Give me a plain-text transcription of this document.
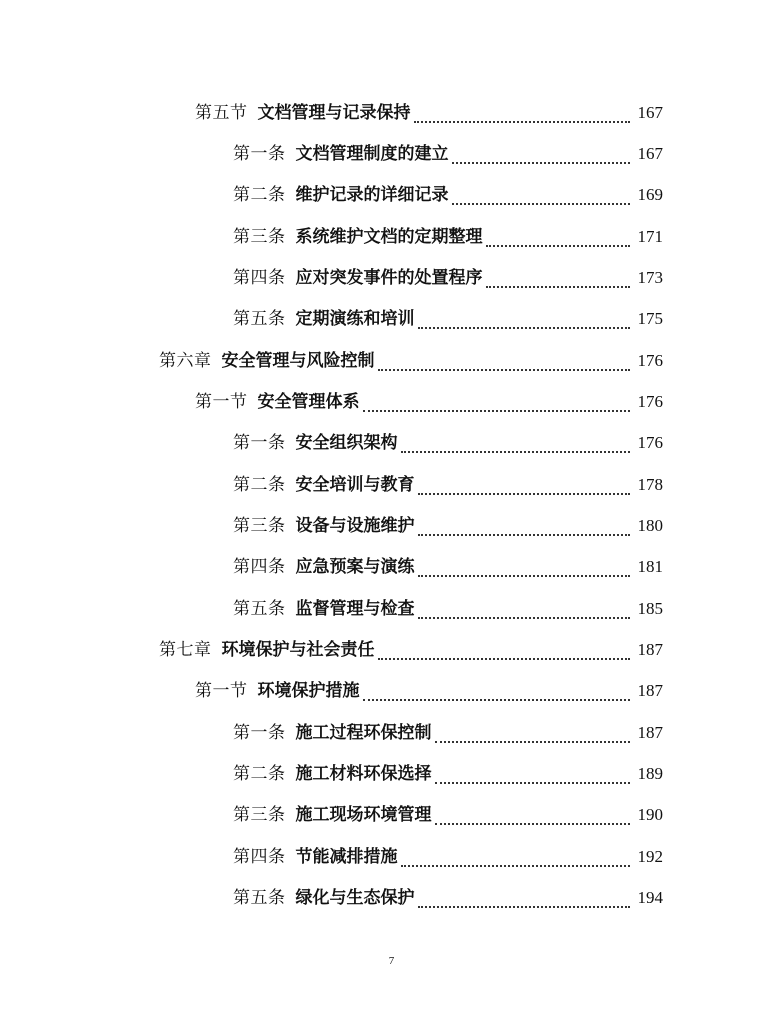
第五节 文档管理与记录保持	167
第一条 文档管理制度的建立	167
第二条 维护记录的详细记录	169
第三条 系统维护文档的定期整理	171
第四条 应对突发事件的处置程序	173
第五条 定期演练和培训	175
第六章 安全管理与风险控制	176
第一节 安全管理体系	176
第一条 安全组织架构	176
第二条 安全培训与教育	178
第三条 设备与设施维护	180
第四条 应急预案与演练	181
第五条 监督管理与检查	185
第七章 环境保护与社会责任	187
第一节 环境保护措施	187
第一条 施工过程环保控制	187
第二条 施工材料环保选择	189
第三条 施工现场环境管理	190
第四条 节能减排措施	192
第五条 绿化与生态保护	194
7
